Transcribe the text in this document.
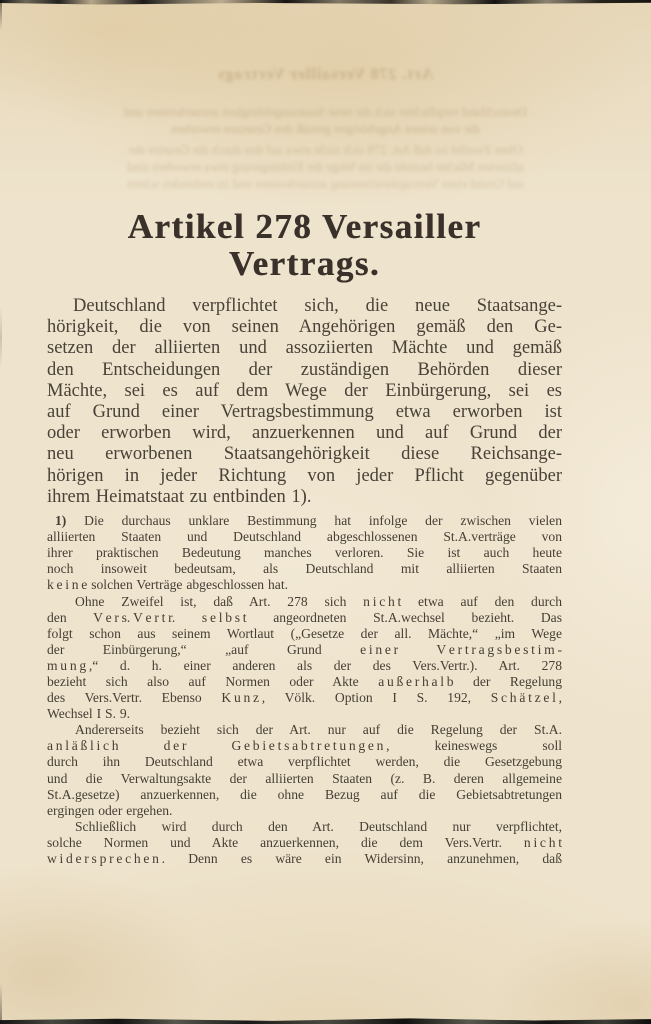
Art. 278 Versailler Vertrags
Deutschland verpflichtet sich die neue Staatsangehörigkeit anzuerkennen und
die von seinen Angehörigen gemäß den Gesetzen erworben
Ohne Zweifel ist daß Art. 278 sich nicht etwa auf den durch die Gesetze der
alliierten Mächte bezieht die im Wege der Einbürgerung etwa erworben sind
auf Grund einer Vertragsbestimmung anzuerkennen und zu entbinden wären
Artikel 278 Versailler
Vertrags.
Deutschland verpflichtet sich, die neue Staatsange-
hörigkeit, die von seinen Angehörigen gemäß den Ge-
setzen der alliierten und assoziierten Mächte und gemäß
den Entscheidungen der zuständigen Behörden dieser
Mächte, sei es auf dem Wege der Einbürgerung, sei es
auf Grund einer Vertragsbestimmung etwa erworben ist
oder erworben wird, anzuerkennen und auf Grund der
neu erworbenen Staatsangehörigkeit diese Reichsange-
hörigen in jeder Richtung von jeder Pflicht gegenüber
ihrem Heimatstaat zu entbinden 1).
1) Die durchaus unklare Bestimmung hat infolge der zwischen vielen
alliierten Staaten und Deutschland abgeschlossenen St.A.verträge von
ihrer praktischen Bedeutung manches verloren. Sie ist auch heute
noch insoweit bedeutsam, als Deutschland mit alliierten Staaten
k e i n e solchen Verträge abgeschlossen hat.
Ohne Zweifel ist, daß Art. 278 sich n i c h t etwa auf den durch
den V e r s. V e r t r. s e l b s t angeordneten St.A.wechsel bezieht. Das
folgt schon aus seinem Wortlaut („Gesetze der all. Mächte,“ „im Wege
der Einbürgerung,“ „auf Grund e i n e r V e r t r a g s b e s t i m -
m u n g ,“ d. h. einer anderen als der des Vers.Vertr.). Art. 278
bezieht sich also auf Normen oder Akte a u ß e r h a l b der Regelung
des Vers.Vertr. Ebenso K u n z , Völk. Option I S. 192, S c h ä t z e l ,
Wechsel I S. 9.
Andererseits bezieht sich der Art. nur auf die Regelung der St.A.
a n l ä ß l i c h d e r G e b i e t s a b t r e t u n g e n , keineswegs soll
durch ihn Deutschland etwa verpflichtet werden, die Gesetzgebung
und die Verwaltungsakte der alliierten Staaten (z. B. deren allgemeine
St.A.gesetze) anzuerkennen, die ohne Bezug auf die Gebietsabtretungen
ergingen oder ergehen.
Schließlich wird durch den Art. Deutschland nur verpflichtet,
solche Normen und Akte anzuerkennen, die dem Vers.Vertr. n i c h t
w i d e r s p r e c h e n . Denn es wäre ein Widersinn, anzunehmen, daß
